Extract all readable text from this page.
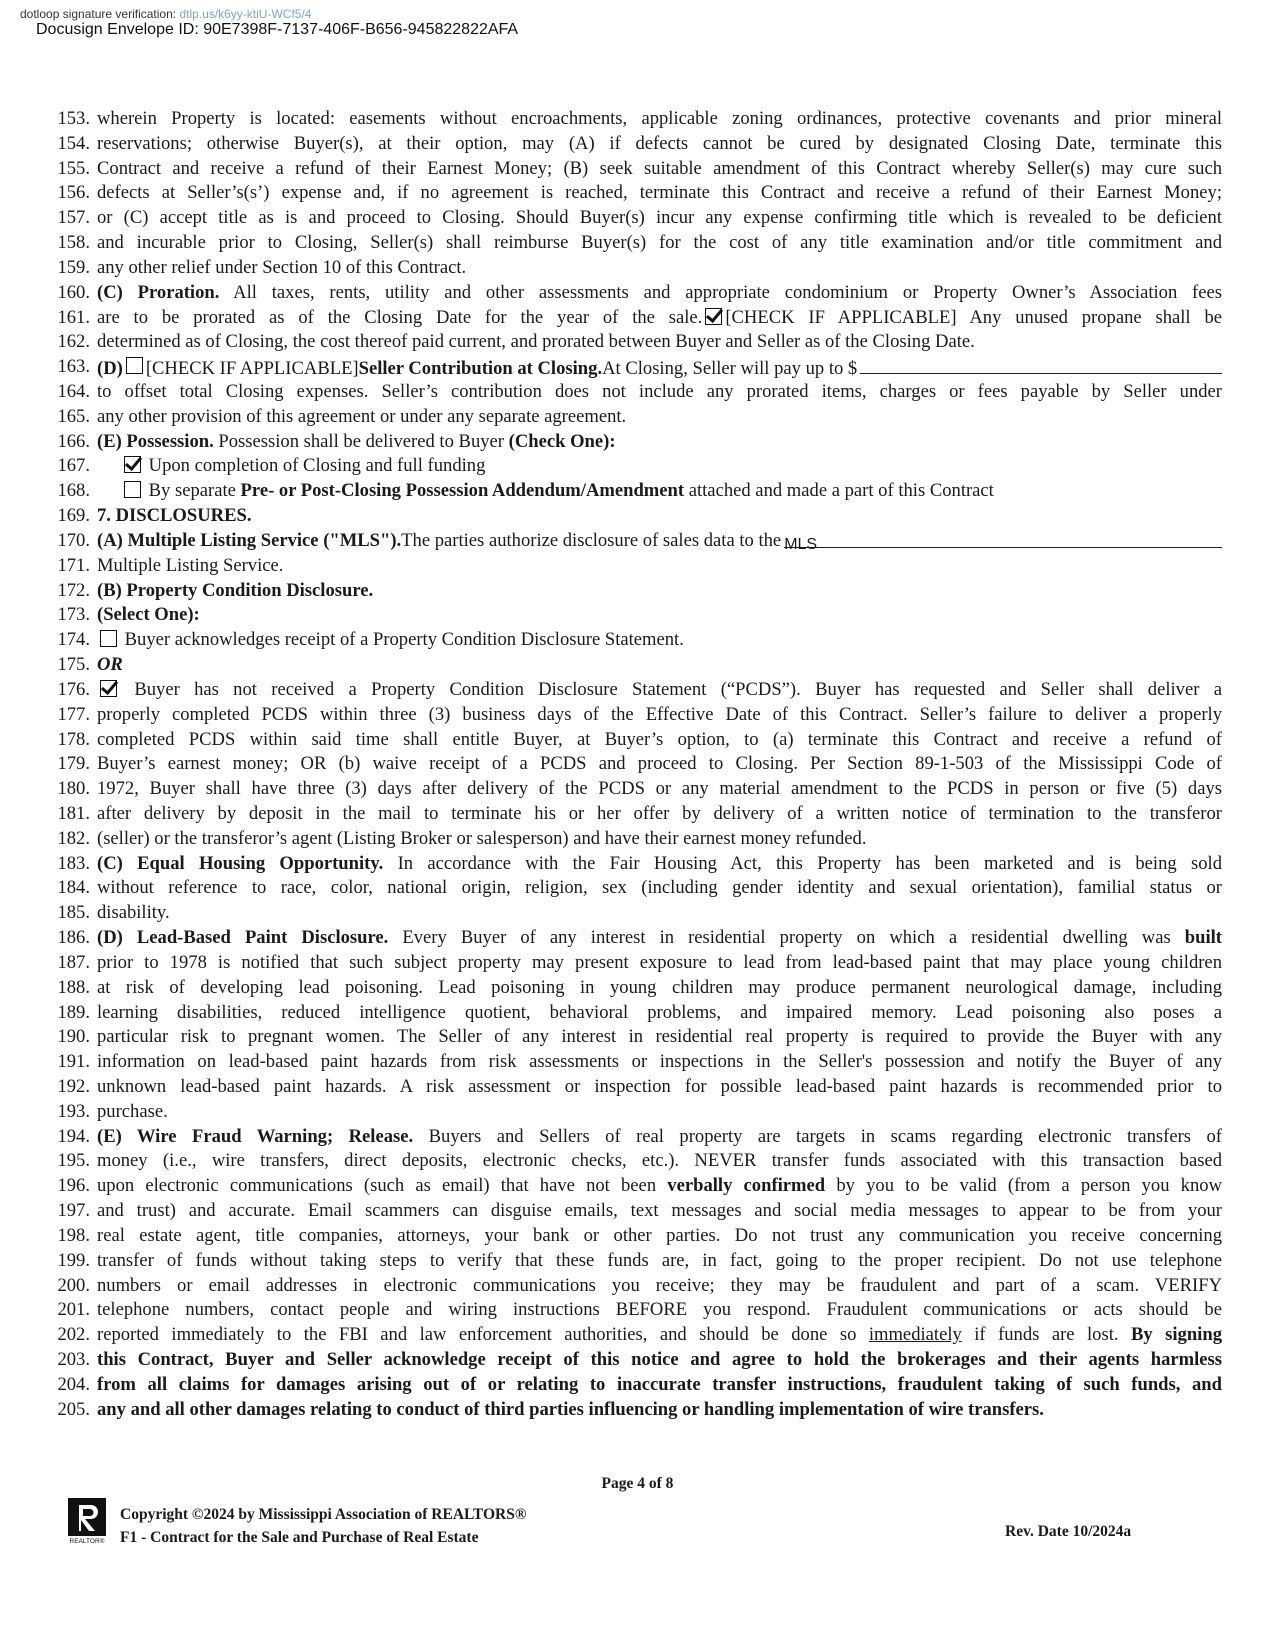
dotloop signature verification: dtlp.us/k6yy-ktiU-WCf5/4
Docusign Envelope ID: 90E7398F-7137-406F-B656-945822822AFA
153. wherein Property is located: easements without encroachments, applicable zoning ordinances, protective covenants and prior mineral
154. reservations; otherwise Buyer(s), at their option, may (A) if defects cannot be cured by designated Closing Date, terminate this
155. Contract and receive a refund of their Earnest Money; (B) seek suitable amendment of this Contract whereby Seller(s) may cure such
156. defects at Seller’s(s’) expense and, if no agreement is reached, terminate this Contract and receive a refund of their Earnest Money;
157. or (C) accept title as is and proceed to Closing. Should Buyer(s) incur any expense confirming title which is revealed to be deficient
158. and incurable prior to Closing, Seller(s) shall reimburse Buyer(s) for the cost of any title examination and/or title commitment and
159. any other relief under Section 10 of this Contract.
160. (C) Proration. All taxes, rents, utility and other assessments and appropriate condominium or Property Owner’s Association fees
161. are to be prorated as of the Closing Date for the year of the sale. [CHECK IF APPLICABLE] Any unused propane shall be
162. determined as of Closing, the cost thereof paid current, and prorated between Buyer and Seller as of the Closing Date.
163. (D) [CHECK IF APPLICABLE] Seller Contribution at Closing. At Closing, Seller will pay up to $
164. to offset total Closing expenses. Seller’s contribution does not include any prorated items, charges or fees payable by Seller under
165. any other provision of this agreement or under any separate agreement.
166. (E) Possession. Possession shall be delivered to Buyer (Check One):
167.	Upon completion of Closing and full funding
168.	By separate Pre- or Post-Closing Possession Addendum/Amendment attached and made a part of this Contract
169. 7. DISCLOSURES.
170. (A) Multiple Listing Service ("MLS"). The parties authorize disclosure of sales data to the MLS
171. Multiple Listing Service.
172. (B) Property Condition Disclosure.
173. (Select One):
174.	Buyer acknowledges receipt of a Property Condition Disclosure Statement.
175. OR
176.	Buyer has not received a Property Condition Disclosure Statement (“PCDS”). Buyer has requested and Seller shall deliver a
177. properly completed PCDS within three (3) business days of the Effective Date of this Contract. Seller’s failure to deliver a properly
178. completed PCDS within said time shall entitle Buyer, at Buyer’s option, to (a) terminate this Contract and receive a refund of
179. Buyer’s earnest money; OR (b) waive receipt of a PCDS and proceed to Closing. Per Section 89-1-503 of the Mississippi Code of
180. 1972, Buyer shall have three (3) days after delivery of the PCDS or any material amendment to the PCDS in person or five (5) days
181. after delivery by deposit in the mail to terminate his or her offer by delivery of a written notice of termination to the transferor
182. (seller) or the transferor’s agent (Listing Broker or salesperson) and have their earnest money refunded.
183. (C) Equal Housing Opportunity. In accordance with the Fair Housing Act, this Property has been marketed and is being sold
184. without reference to race, color, national origin, religion, sex (including gender identity and sexual orientation), familial status or
185. disability.
186. (D) Lead-Based Paint Disclosure. Every Buyer of any interest in residential property on which a residential dwelling was built
187. prior to 1978 is notified that such subject property may present exposure to lead from lead-based paint that may place young children
188. at risk of developing lead poisoning. Lead poisoning in young children may produce permanent neurological damage, including
189. learning disabilities, reduced intelligence quotient, behavioral problems, and impaired memory. Lead poisoning also poses a
190. particular risk to pregnant women. The Seller of any interest in residential real property is required to provide the Buyer with any
191. information on lead-based paint hazards from risk assessments or inspections in the Seller's possession and notify the Buyer of any
192. unknown lead-based paint hazards. A risk assessment or inspection for possible lead-based paint hazards is recommended prior to
193. purchase.
194. (E) Wire Fraud Warning; Release. Buyers and Sellers of real property are targets in scams regarding electronic transfers of
195. money (i.e., wire transfers, direct deposits, electronic checks, etc.). NEVER transfer funds associated with this transaction based
196. upon electronic communications (such as email) that have not been verbally confirmed by you to be valid (from a person you know
197. and trust) and accurate. Email scammers can disguise emails, text messages and social media messages to appear to be from your
198. real estate agent, title companies, attorneys, your bank or other parties. Do not trust any communication you receive concerning
199. transfer of funds without taking steps to verify that these funds are, in fact, going to the proper recipient. Do not use telephone
200. numbers or email addresses in electronic communications you receive; they may be fraudulent and part of a scam. VERIFY
201. telephone numbers, contact people and wiring instructions BEFORE you respond. Fraudulent communications or acts should be
202. reported immediately to the FBI and law enforcement authorities, and should be done so immediately if funds are lost. By signing
203. this Contract, Buyer and Seller acknowledge receipt of this notice and agree to hold the brokerages and their agents harmless
204. from all claims for damages arising out of or relating to inaccurate transfer instructions, fraudulent taking of such funds, and
205. any and all other damages relating to conduct of third parties influencing or handling implementation of wire transfers.
Page 4 of 8
REALTOR®
Copyright ©2024 by Mississippi Association of REALTORS®
F1 - Contract for the Sale and Purchase of Real Estate	Rev. Date 10/2024a
